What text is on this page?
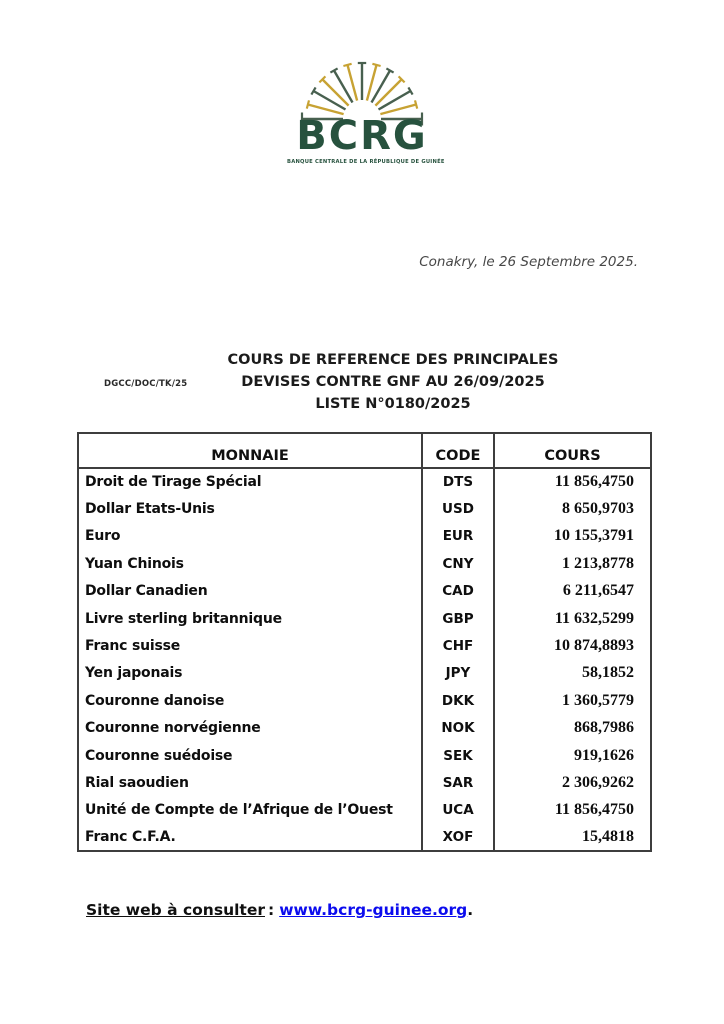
BCRG
BANQUE CENTRALE DE LA RÉPUBLIQUE DE GUINÉE
Conakry, le 26 Septembre 2025.
DGCC/DOC/TK/25
COURS DE REFERENCE DES PRINCIPALES
DEVISES CONTRE GNF AU 26/09/2025
LISTE N°0180/2025
MONNAIE	CODE	COURS
Droit de Tirage Spécial	DTS	11 856,4750
Dollar Etats-Unis	USD	8 650,9703
Euro	EUR	10 155,3791
Yuan Chinois	CNY	1 213,8778
Dollar Canadien	CAD	6 211,6547
Livre sterling britannique	GBP	11 632,5299
Franc suisse	CHF	10 874,8893
Yen japonais	JPY	58,1852
Couronne danoise	DKK	1 360,5779
Couronne norvégienne	NOK	868,7986
Couronne suédoise	SEK	919,1626
Rial saoudien	SAR	2 306,9262
Unité de Compte de l’Afrique de l’Ouest	UCA	11 856,4750
Franc C.F.A.	XOF	15,4818
Site web à consulter : www.bcrg-guinee.org.
